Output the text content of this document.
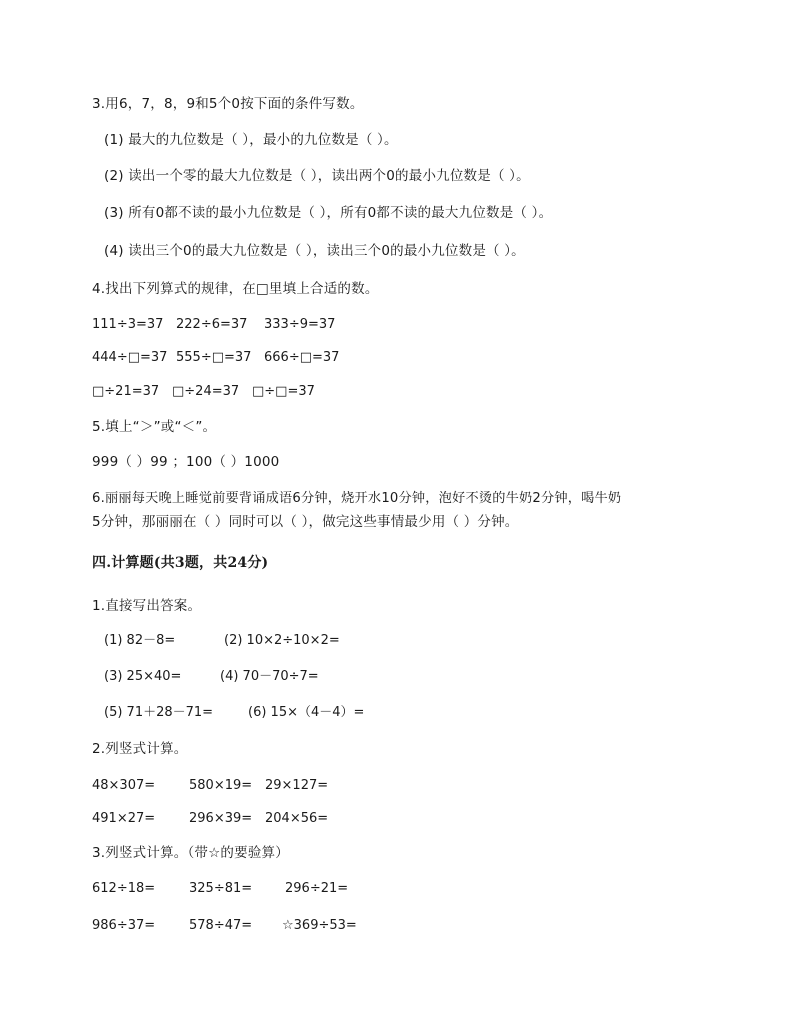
3.用6，7，8，9和5个0按下面的条件写数。
(1) 最大的九位数是（ ），最小的九位数是（ ）。
(2) 读出一个零的最大九位数是（ ），读出两个0的最小九位数是（ ）。
(3) 所有0都不读的最小九位数是（ ），所有0都不读的最大九位数是（ ）。
(4) 读出三个0的最大九位数是（ ），读出三个0的最小九位数是（ ）。
4.找出下列算式的规律，在□里填上合适的数。
111÷3=37 222÷6=37 333÷9=37
444÷□=37 555÷□=37 666÷□=37
□÷21=37 □÷24=37 □÷□=37
5.填上“＞”或“＜”。
999（ ）99 ；100（ ）1000
6.丽丽每天晚上睡觉前要背诵成语6分钟，烧开水10分钟，泡好不烫的牛奶2分钟，喝牛奶
5分钟，那丽丽在（ ）同时可以（ ），做完这些事情最少用（ ）分钟。
四.计算题(共3题，共24分)
1.直接写出答案。
(1) 82－8=	(2) 10×2÷10×2=
(3) 25×40=	(4) 70－70÷7=
(5) 71＋28－71=	(6) 15×（4－4）=
2.列竖式计算。
48×307=	580×19= 29×127=
491×27=	296×39= 204×56=
3.列竖式计算。（带☆的要验算）
612÷18=	325÷81=	296÷21=
986÷37=	578÷47= ☆369÷53=
